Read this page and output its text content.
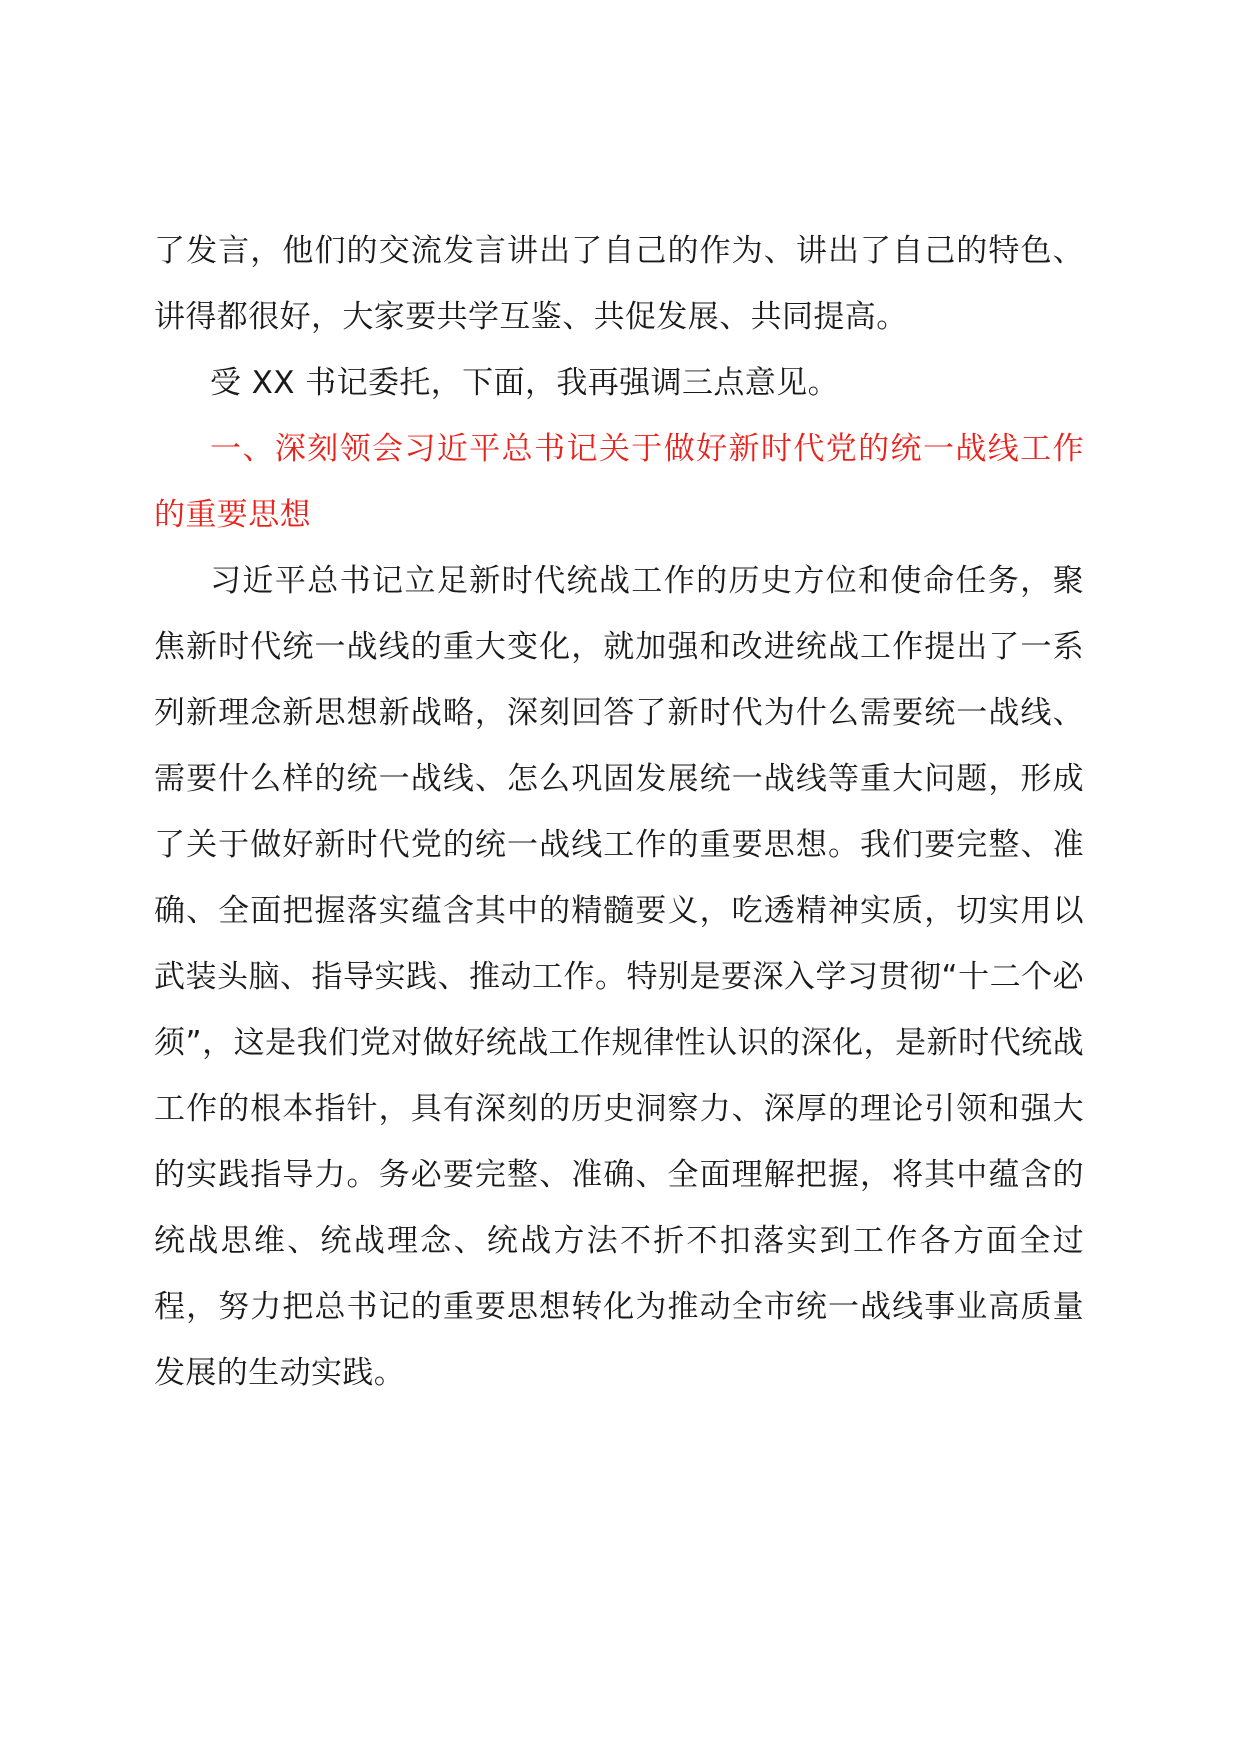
了发言，他们的交流发言讲出了自己的作为、讲出了自己的特色、讲得都很好，大家要共学互鉴、共促发展、共同提高。

受 XX 书记委托，下面，我再强调三点意见。

一、深刻领会习近平总书记关于做好新时代党的统一战线工作的重要思想

习近平总书记立足新时代统战工作的历史方位和使命任务，聚焦新时代统一战线的重大变化，就加强和改进统战工作提出了一系列新理念新思想新战略，深刻回答了新时代为什么需要统一战线、需要什么样的统一战线、怎么巩固发展统一战线等重大问题，形成了关于做好新时代党的统一战线工作的重要思想。我们要完整、准确、全面把握落实蕴含其中的精髓要义，吃透精神实质，切实用以武装头脑、指导实践、推动工作。特别是要深入学习贯彻“十二个必须”，这是我们党对做好统战工作规律性认识的深化，是新时代统战工作的根本指针，具有深刻的历史洞察力、深厚的理论引领和强大的实践指导力。务必要完整、准确、全面理解把握，将其中蕴含的统战思维、统战理念、统战方法不折不扣落实到工作各方面全过程，努力把总书记的重要思想转化为推动全市统一战线事业高质量发展的生动实践。
